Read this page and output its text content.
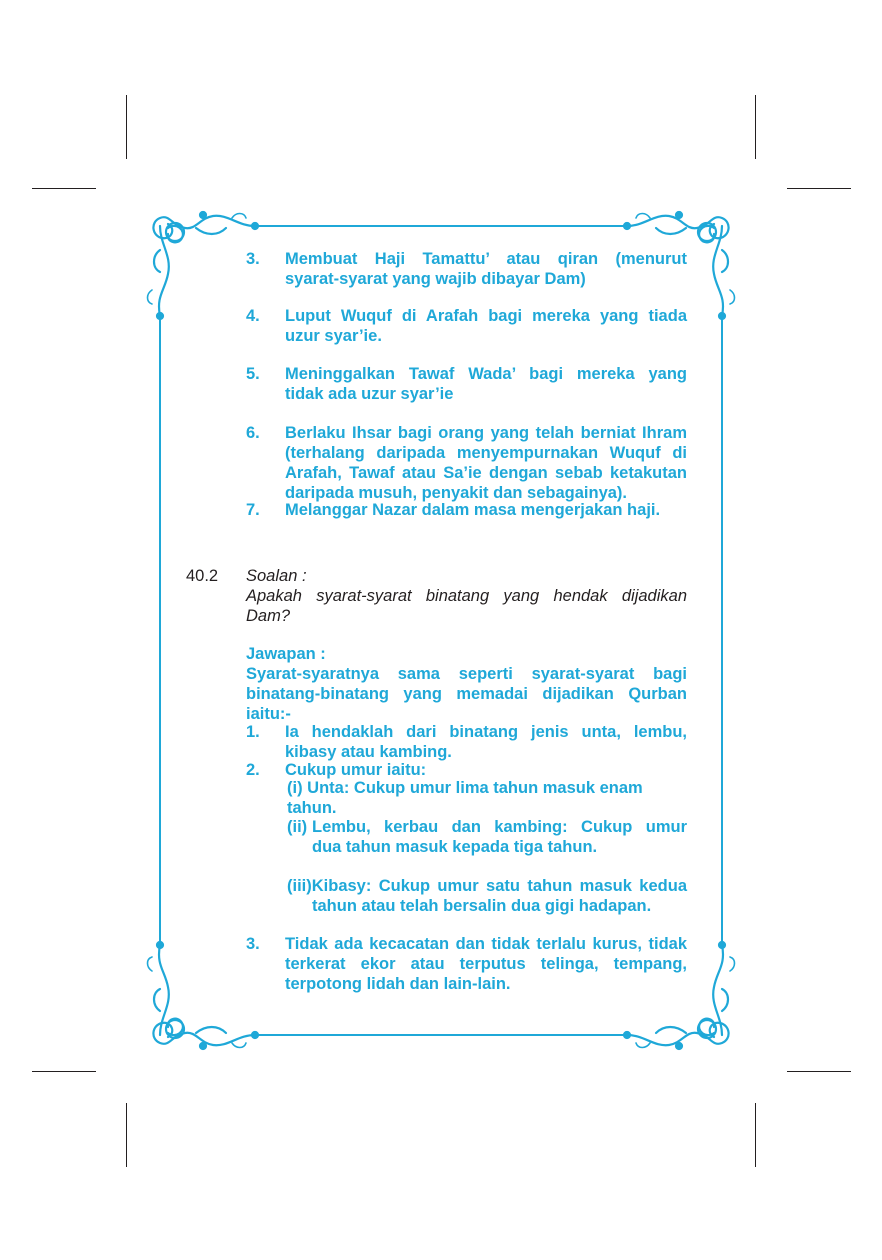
3. Membuat Haji Tamattu’ atau qiran (menurut
syarat-syarat yang wajib dibayar Dam)
4. Luput Wuquf di Arafah bagi mereka yang tiada
uzur syar’ie.
5. Meninggalkan Tawaf Wada’ bagi mereka yang
tidak ada uzur syar’ie
6. Berlaku Ihsar bagi orang yang telah berniat Ihram
(terhalang daripada menyempurnakan Wuquf di
Arafah, Tawaf atau Sa’ie dengan sebab ketakutan
daripada musuh, penyakit dan sebagainya).
7. Melanggar Nazar dalam masa mengerjakan haji.
40.2 Soalan :
Apakah syarat-syarat binatang yang hendak dijadikan
Dam?
Jawapan :
Syarat-syaratnya sama seperti syarat-syarat bagi
binatang-binatang yang memadai dijadikan Qurban
iaitu:-
1. Ia hendaklah dari binatang jenis unta, lembu,
kibasy atau kambing.
2. Cukup umur iaitu:
(i) Unta: Cukup umur lima tahun masuk enam
tahun.
(ii) Lembu, kerbau dan kambing: Cukup umur
dua tahun masuk kepada tiga tahun.
(iii)Kibasy: Cukup umur satu tahun masuk kedua
tahun atau telah bersalin dua gigi hadapan.
3. Tidak ada kecacatan dan tidak terlalu kurus, tidak
terkerat ekor atau terputus telinga, tempang,
terpotong lidah dan lain-lain.
